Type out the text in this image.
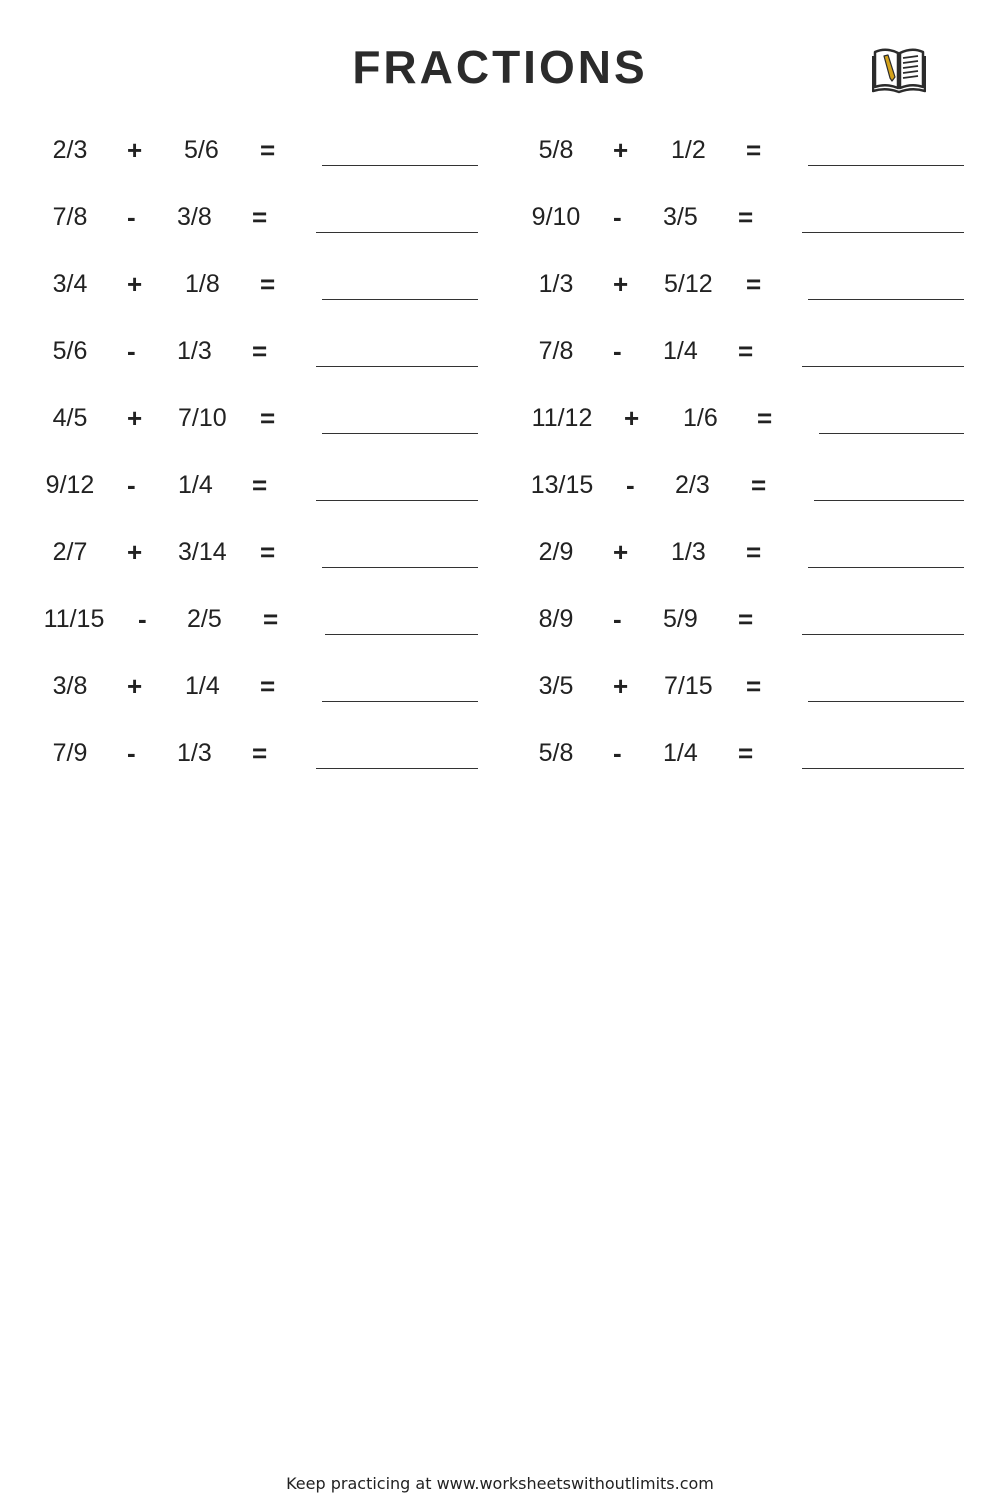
FRACTIONS
2/3 + 5/6 =
7/8 - 3/8 =
3/4 + 1/8 =
5/6 - 1/3 =
4/5 + 7/10 =
9/12 - 1/4 =
2/7 + 3/14 =
11/15 - 2/5 =
3/8 + 1/4 =
7/9 - 1/3 =
5/8 + 1/2 =
9/10 - 3/5 =
1/3 + 5/12 =
7/8 - 1/4 =
11/12 + 1/6 =
13/15 - 2/3 =
2/9 + 1/3 =
8/9 - 5/9 =
3/5 + 7/15 =
5/8 - 1/4 =
Keep practicing at www.worksheetswithoutlimits.com
